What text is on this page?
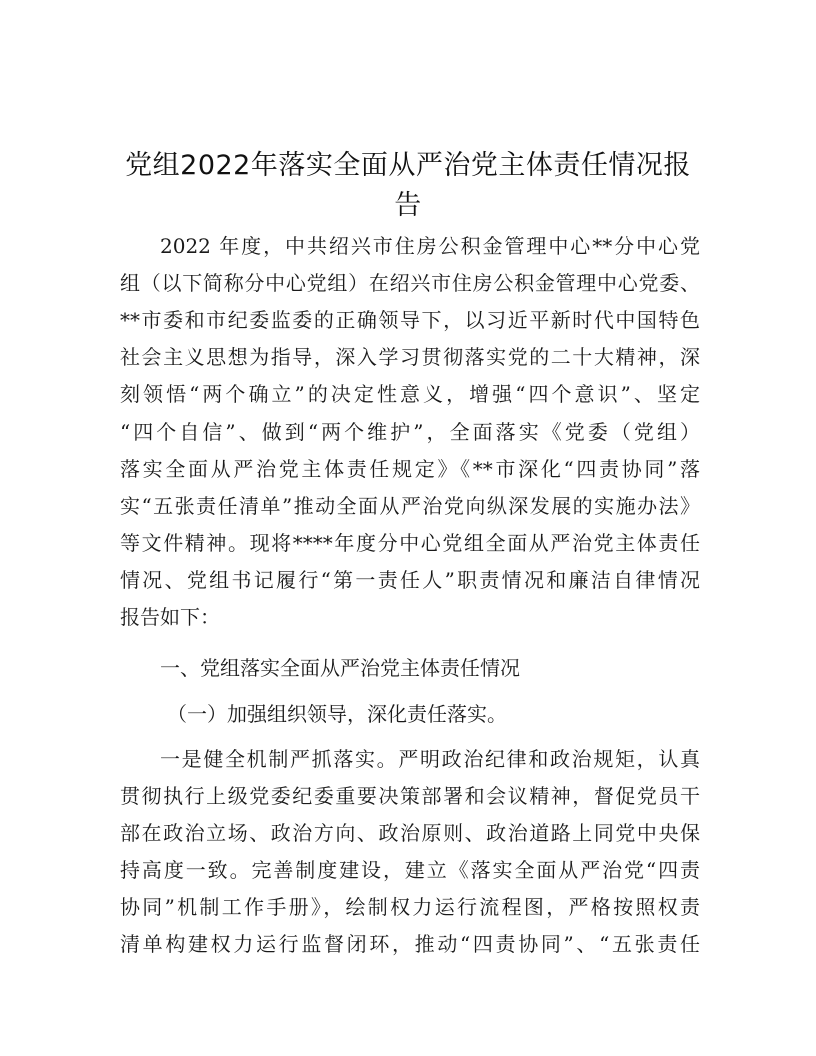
党组2022年落实全面从严治党主体责任情况报
告
2022 年度，中共绍兴市住房公积金管理中心**分中心党
组（以下简称分中心党组）在绍兴市住房公积金管理中心党委、
**市委和市纪委监委的正确领导下，以习近平新时代中国特色
社会主义思想为指导，深入学习贯彻落实党的二十大精神，深
刻领悟“两个确立”的决定性意义，增强“四个意识”、坚定
“四个自信”、做到“两个维护”，全面落实《党委（党组）
落实全面从严治党主体责任规定》《**市深化“四责协同”落
实“五张责任清单”推动全面从严治党向纵深发展的实施办法》
等文件精神。现将****年度分中心党组全面从严治党主体责任
情况、党组书记履行“第一责任人”职责情况和廉洁自律情况
报告如下：
一、党组落实全面从严治党主体责任情况
（一）加强组织领导，深化责任落实。
一是健全机制严抓落实。严明政治纪律和政治规矩，认真
贯彻执行上级党委纪委重要决策部署和会议精神，督促党员干
部在政治立场、政治方向、政治原则、政治道路上同党中央保
持高度一致。完善制度建设，建立《落实全面从严治党“四责
协同”机制工作手册》，绘制权力运行流程图，严格按照权责
清单构建权力运行监督闭环，推动“四责协同”、“五张责任
